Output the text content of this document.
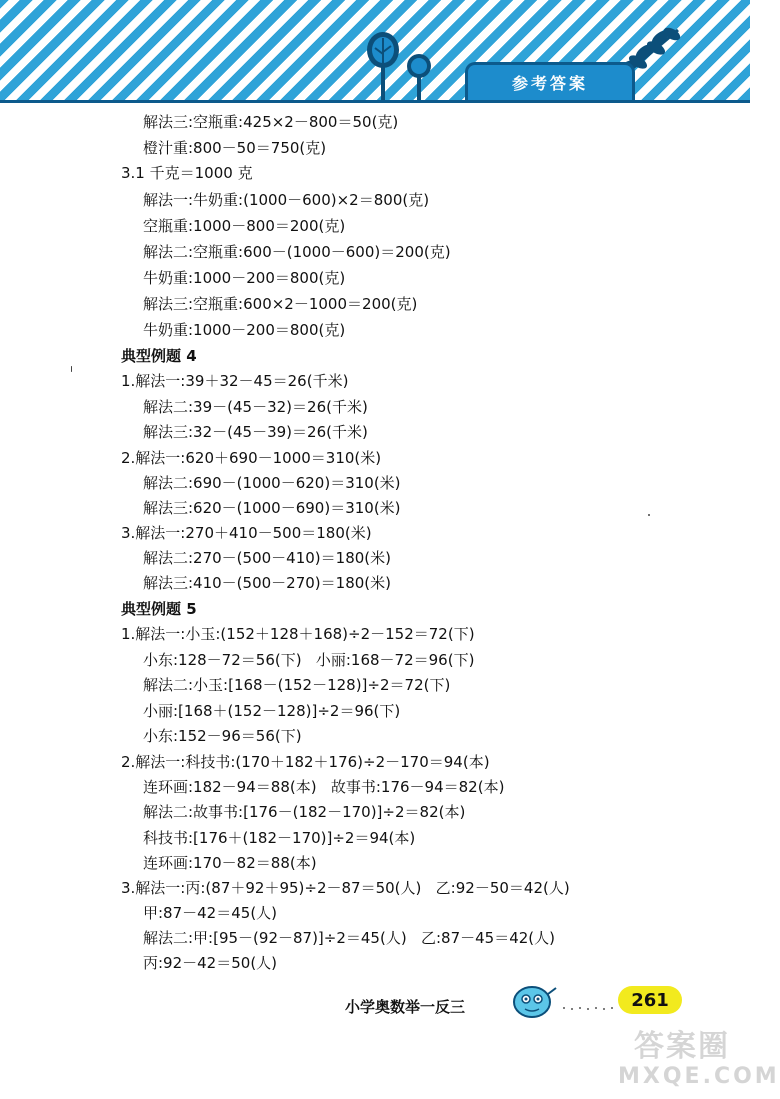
参考答案
解法三:空瓶重:425×2－800＝50(克)
橙汁重:800－50＝750(克)
3.1 千克＝1000 克
解法一:牛奶重:(1000－600)×2＝800(克)
空瓶重:1000－800＝200(克)
解法二:空瓶重:600－(1000－600)＝200(克)
牛奶重:1000－200＝800(克)
解法三:空瓶重:600×2－1000＝200(克)
牛奶重:1000－200＝800(克)
典型例题 4
1.解法一:39＋32－45＝26(千米)
解法二:39－(45－32)＝26(千米)
解法三:32－(45－39)＝26(千米)
2.解法一:620＋690－1000＝310(米)
解法二:690－(1000－620)＝310(米)
解法三:620－(1000－690)＝310(米)
3.解法一:270＋410－500＝180(米)
解法二:270－(500－410)＝180(米)
解法三:410－(500－270)＝180(米)
典型例题 5
1.解法一:小玉:(152＋128＋168)÷2－152＝72(下)
小东:128－72＝56(下)   小丽:168－72＝96(下)
解法二:小玉:[168－(152－128)]÷2＝72(下)
小丽:[168＋(152－128)]÷2＝96(下)
小东:152－96＝56(下)
2.解法一:科技书:(170＋182＋176)÷2－170＝94(本)
连环画:182－94＝88(本)   故事书:176－94＝82(本)
解法二:故事书:[176－(182－170)]÷2＝82(本)
科技书:[176＋(182－170)]÷2＝94(本)
连环画:170－82＝88(本)
3.解法一:丙:(87＋92＋95)÷2－87＝50(人)   乙:92－50＝42(人)
甲:87－42＝45(人)
解法二:甲:[95－(92－87)]÷2＝45(人)   乙:87－45＝42(人)
丙:92－42＝50(人)
小学奥数举一反三	261
答案圈
MXQE.COM
